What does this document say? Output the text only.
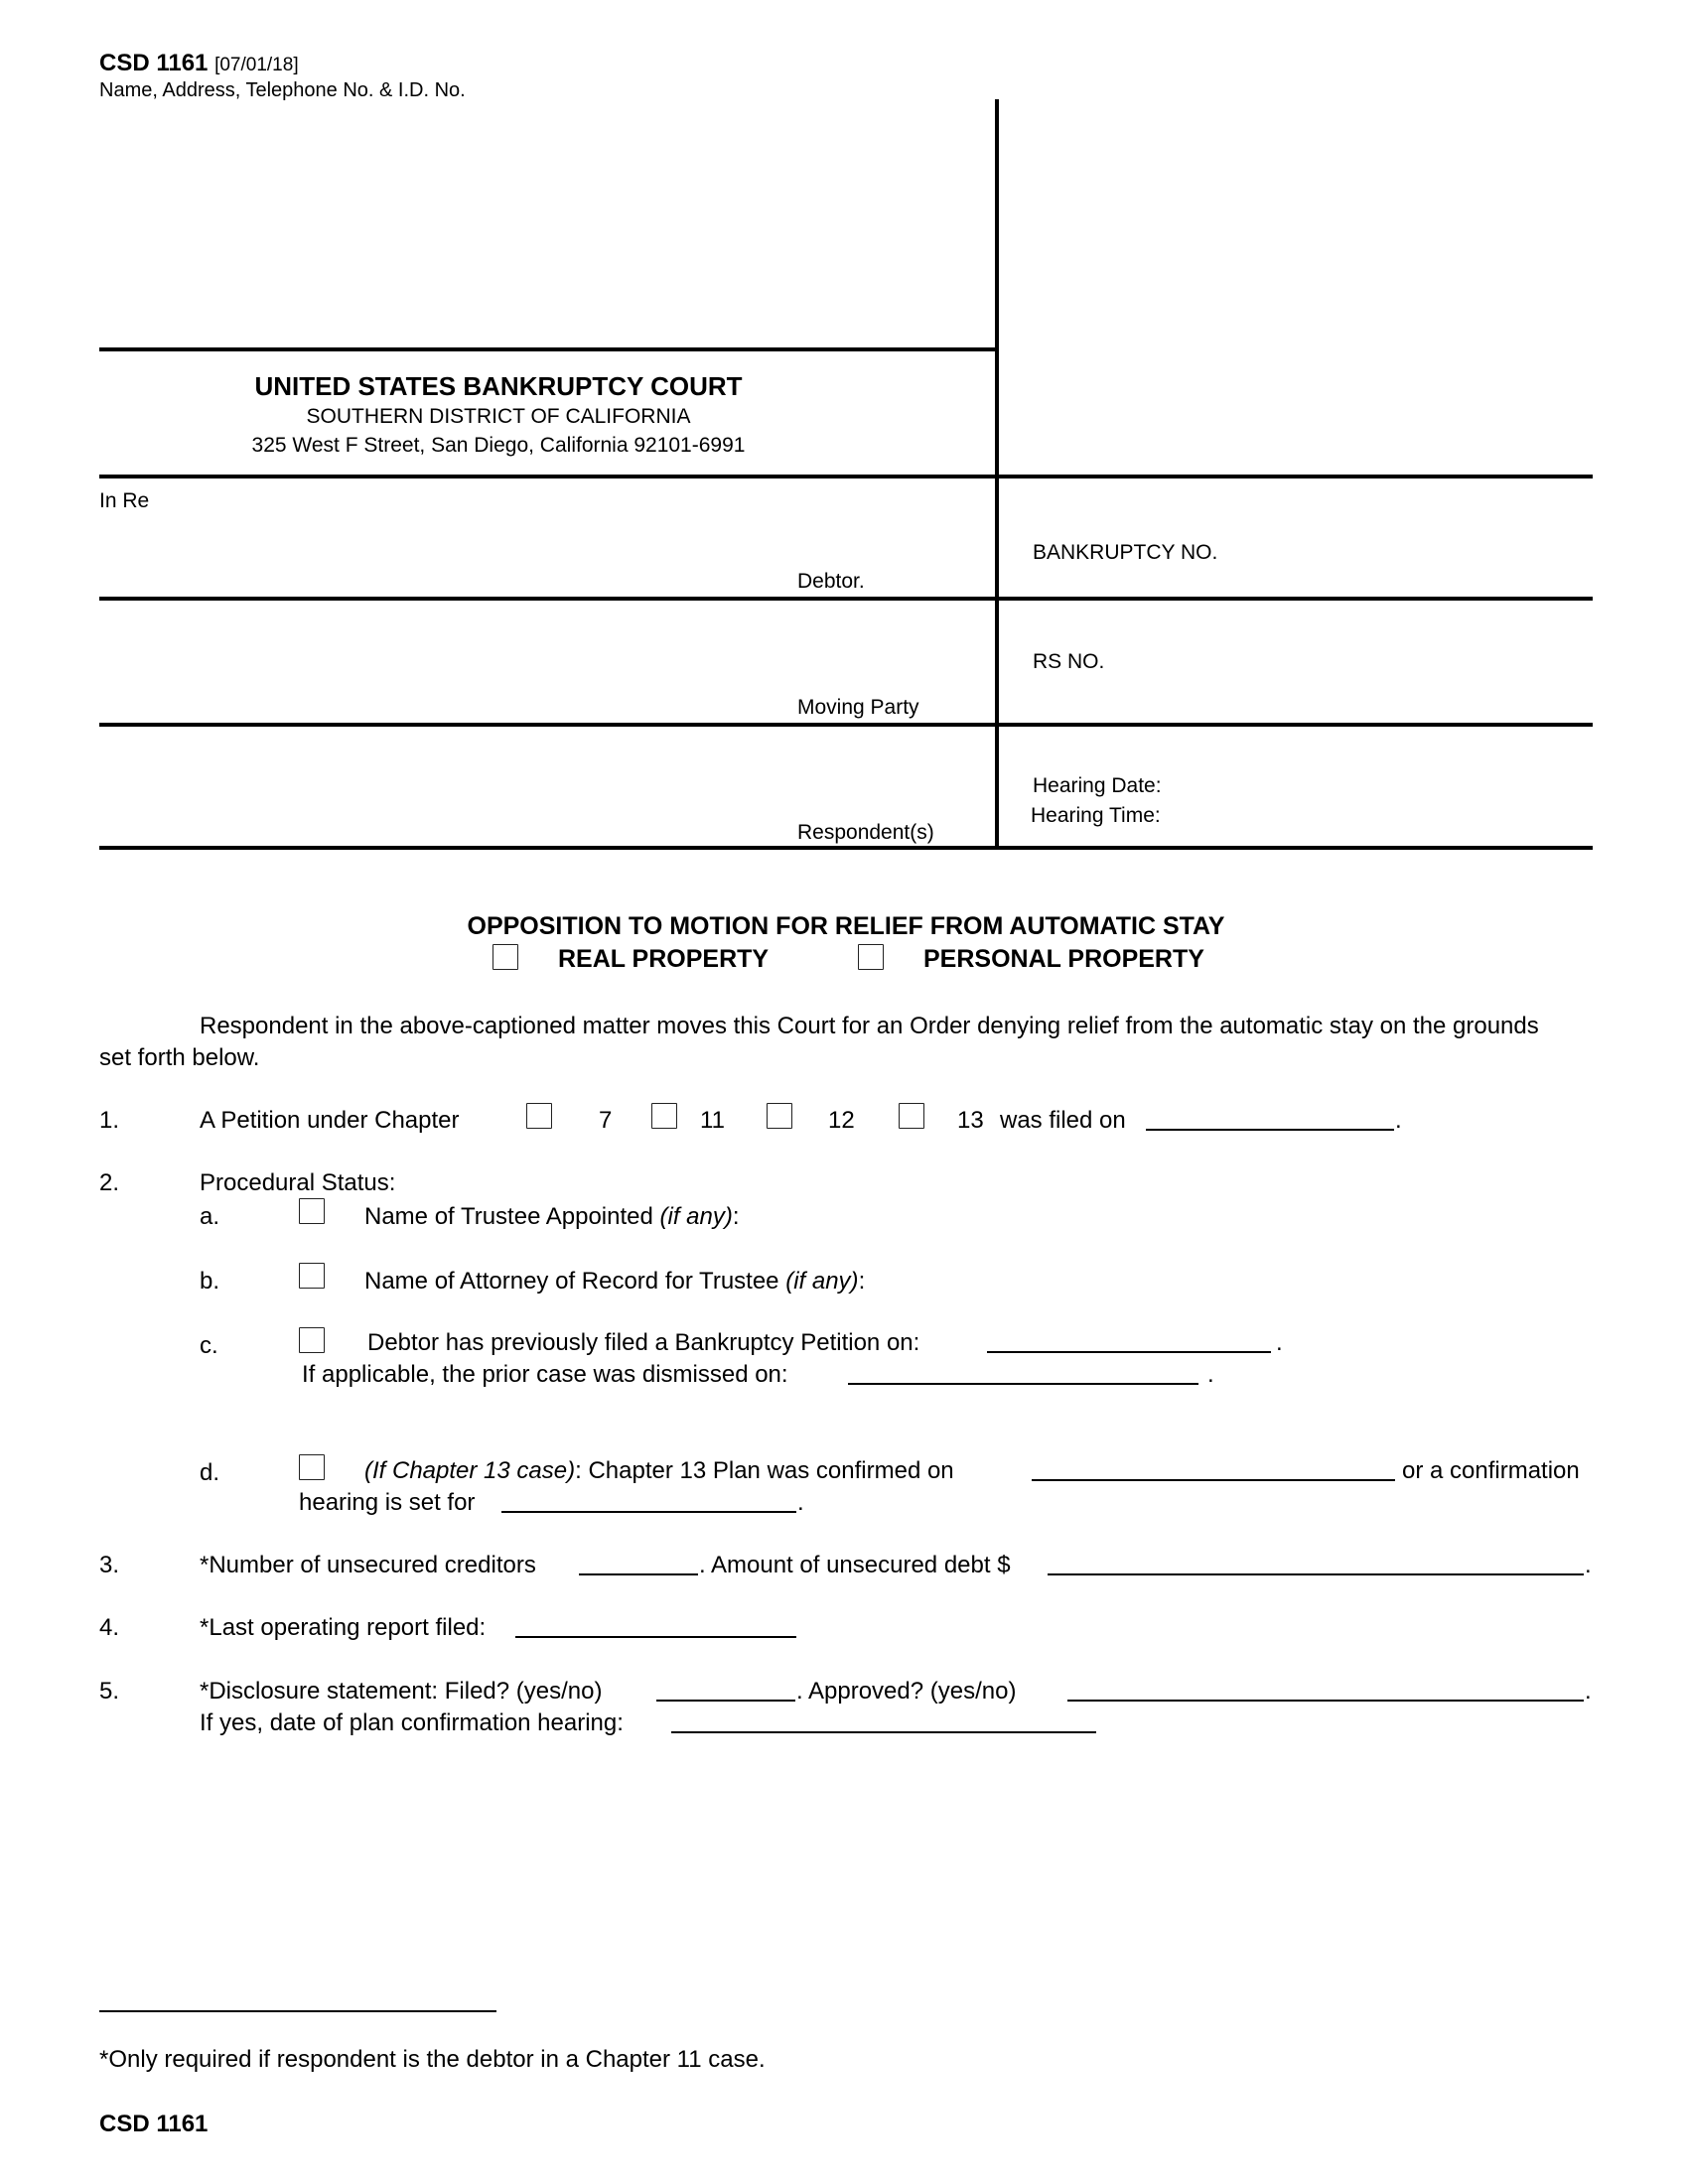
CSD 1161 [07/01/18]
Name, Address, Telephone No. & I.D. No.
UNITED STATES BANKRUPTCY COURT
SOUTHERN DISTRICT OF CALIFORNIA
325 West F Street, San Diego, California 92101-6991
In Re
Debtor.
Moving Party
Respondent(s)
BANKRUPTCY NO.
RS NO.
Hearing Date:
Hearing Time:
OPPOSITION TO MOTION FOR RELIEF FROM AUTOMATIC STAY
REAL PROPERTY	PERSONAL PROPERTY
Respondent in the above-captioned matter moves this Court for an Order denying relief from the automatic stay on the grounds
set forth below.
1.	A Petition under Chapter	7	11	12	13 was filed on	.
2.	Procedural Status:
a.	Name of Trustee Appointed (if any):
b.	Name of Attorney of Record for Trustee (if any):
c.	Debtor has previously filed a Bankruptcy Petition on:	.
If applicable, the prior case was dismissed on:	.
d.	(If Chapter 13 case): Chapter 13 Plan was confirmed on	or a confirmation
hearing is set for	.
3.	*Number of unsecured creditors	. Amount of unsecured debt $	.
4.	*Last operating report filed:
5.	*Disclosure statement: Filed? (yes/no)	. Approved? (yes/no)	.
If yes, date of plan confirmation hearing:
*Only required if respondent is the debtor in a Chapter 11 case.
CSD 1161
